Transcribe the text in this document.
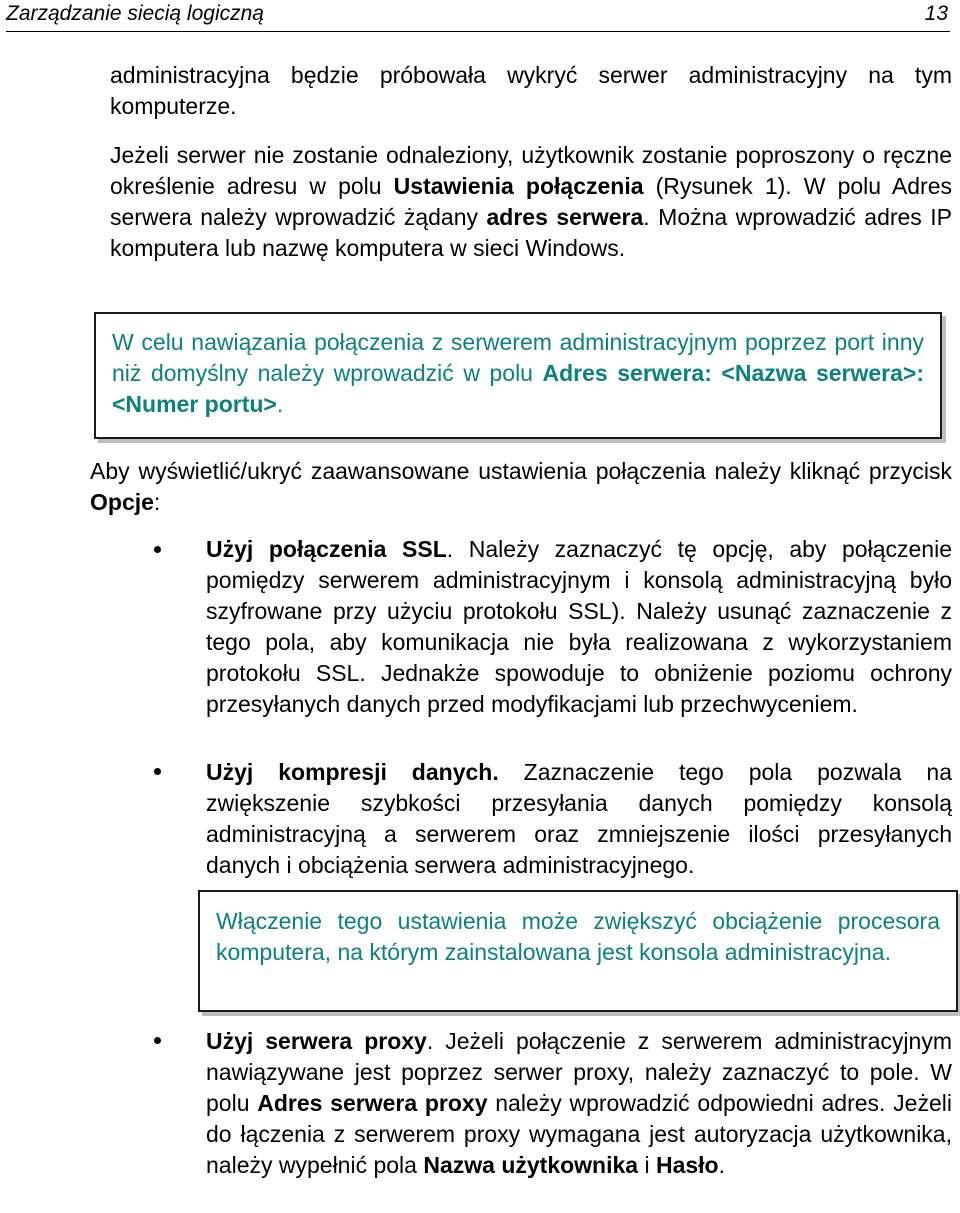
Zarządzanie siecią logiczną	13

administracyjna będzie próbowała wykryć serwer administracyjny na tym komputerze.

Jeżeli serwer nie zostanie odnaleziony, użytkownik zostanie poproszony o ręczne określenie adresu w polu Ustawienia połączenia (Rysunek 1). W polu Adres serwera należy wprowadzić żądany adres serwera. Można wprowadzić adres IP komputera lub nazwę komputera w sieci Windows.

W celu nawiązania połączenia z serwerem administracyjnym poprzez port inny niż domyślny należy wprowadzić w polu Adres serwera: <Nazwa serwera>:<Numer portu>.

Aby wyświetlić/ukryć zaawansowane ustawienia połączenia należy kliknąć przycisk Opcje:

Użyj połączenia SSL. Należy zaznaczyć tę opcję, aby połączenie pomiędzy serwerem administracyjnym i konsolą administracyjną było szyfrowane przy użyciu protokołu SSL). Należy usunąć zaznaczenie z tego pola, aby komunikacja nie była realizowana z wykorzystaniem protokołu SSL. Jednakże spowoduje to obniżenie poziomu ochrony przesyłanych danych przed modyfikacjami lub przechwyceniem.

Użyj kompresji danych. Zaznaczenie tego pola pozwala na zwiększenie szybkości przesyłania danych pomiędzy konsolą administracyjną a serwerem oraz zmniejszenie ilości przesyłanych danych i obciążenia serwera administracyjnego.

Włączenie tego ustawienia może zwiększyć obciążenie procesora komputera, na którym zainstalowana jest konsola administracyjna.

Użyj serwera proxy. Jeżeli połączenie z serwerem administracyjnym nawiązywane jest poprzez serwer proxy, należy zaznaczyć to pole. W polu Adres serwera proxy należy wprowadzić odpowiedni adres. Jeżeli do łączenia z serwerem proxy wymagana jest autoryzacja użytkownika, należy wypełnić pola Nazwa użytkownika i Hasło.
